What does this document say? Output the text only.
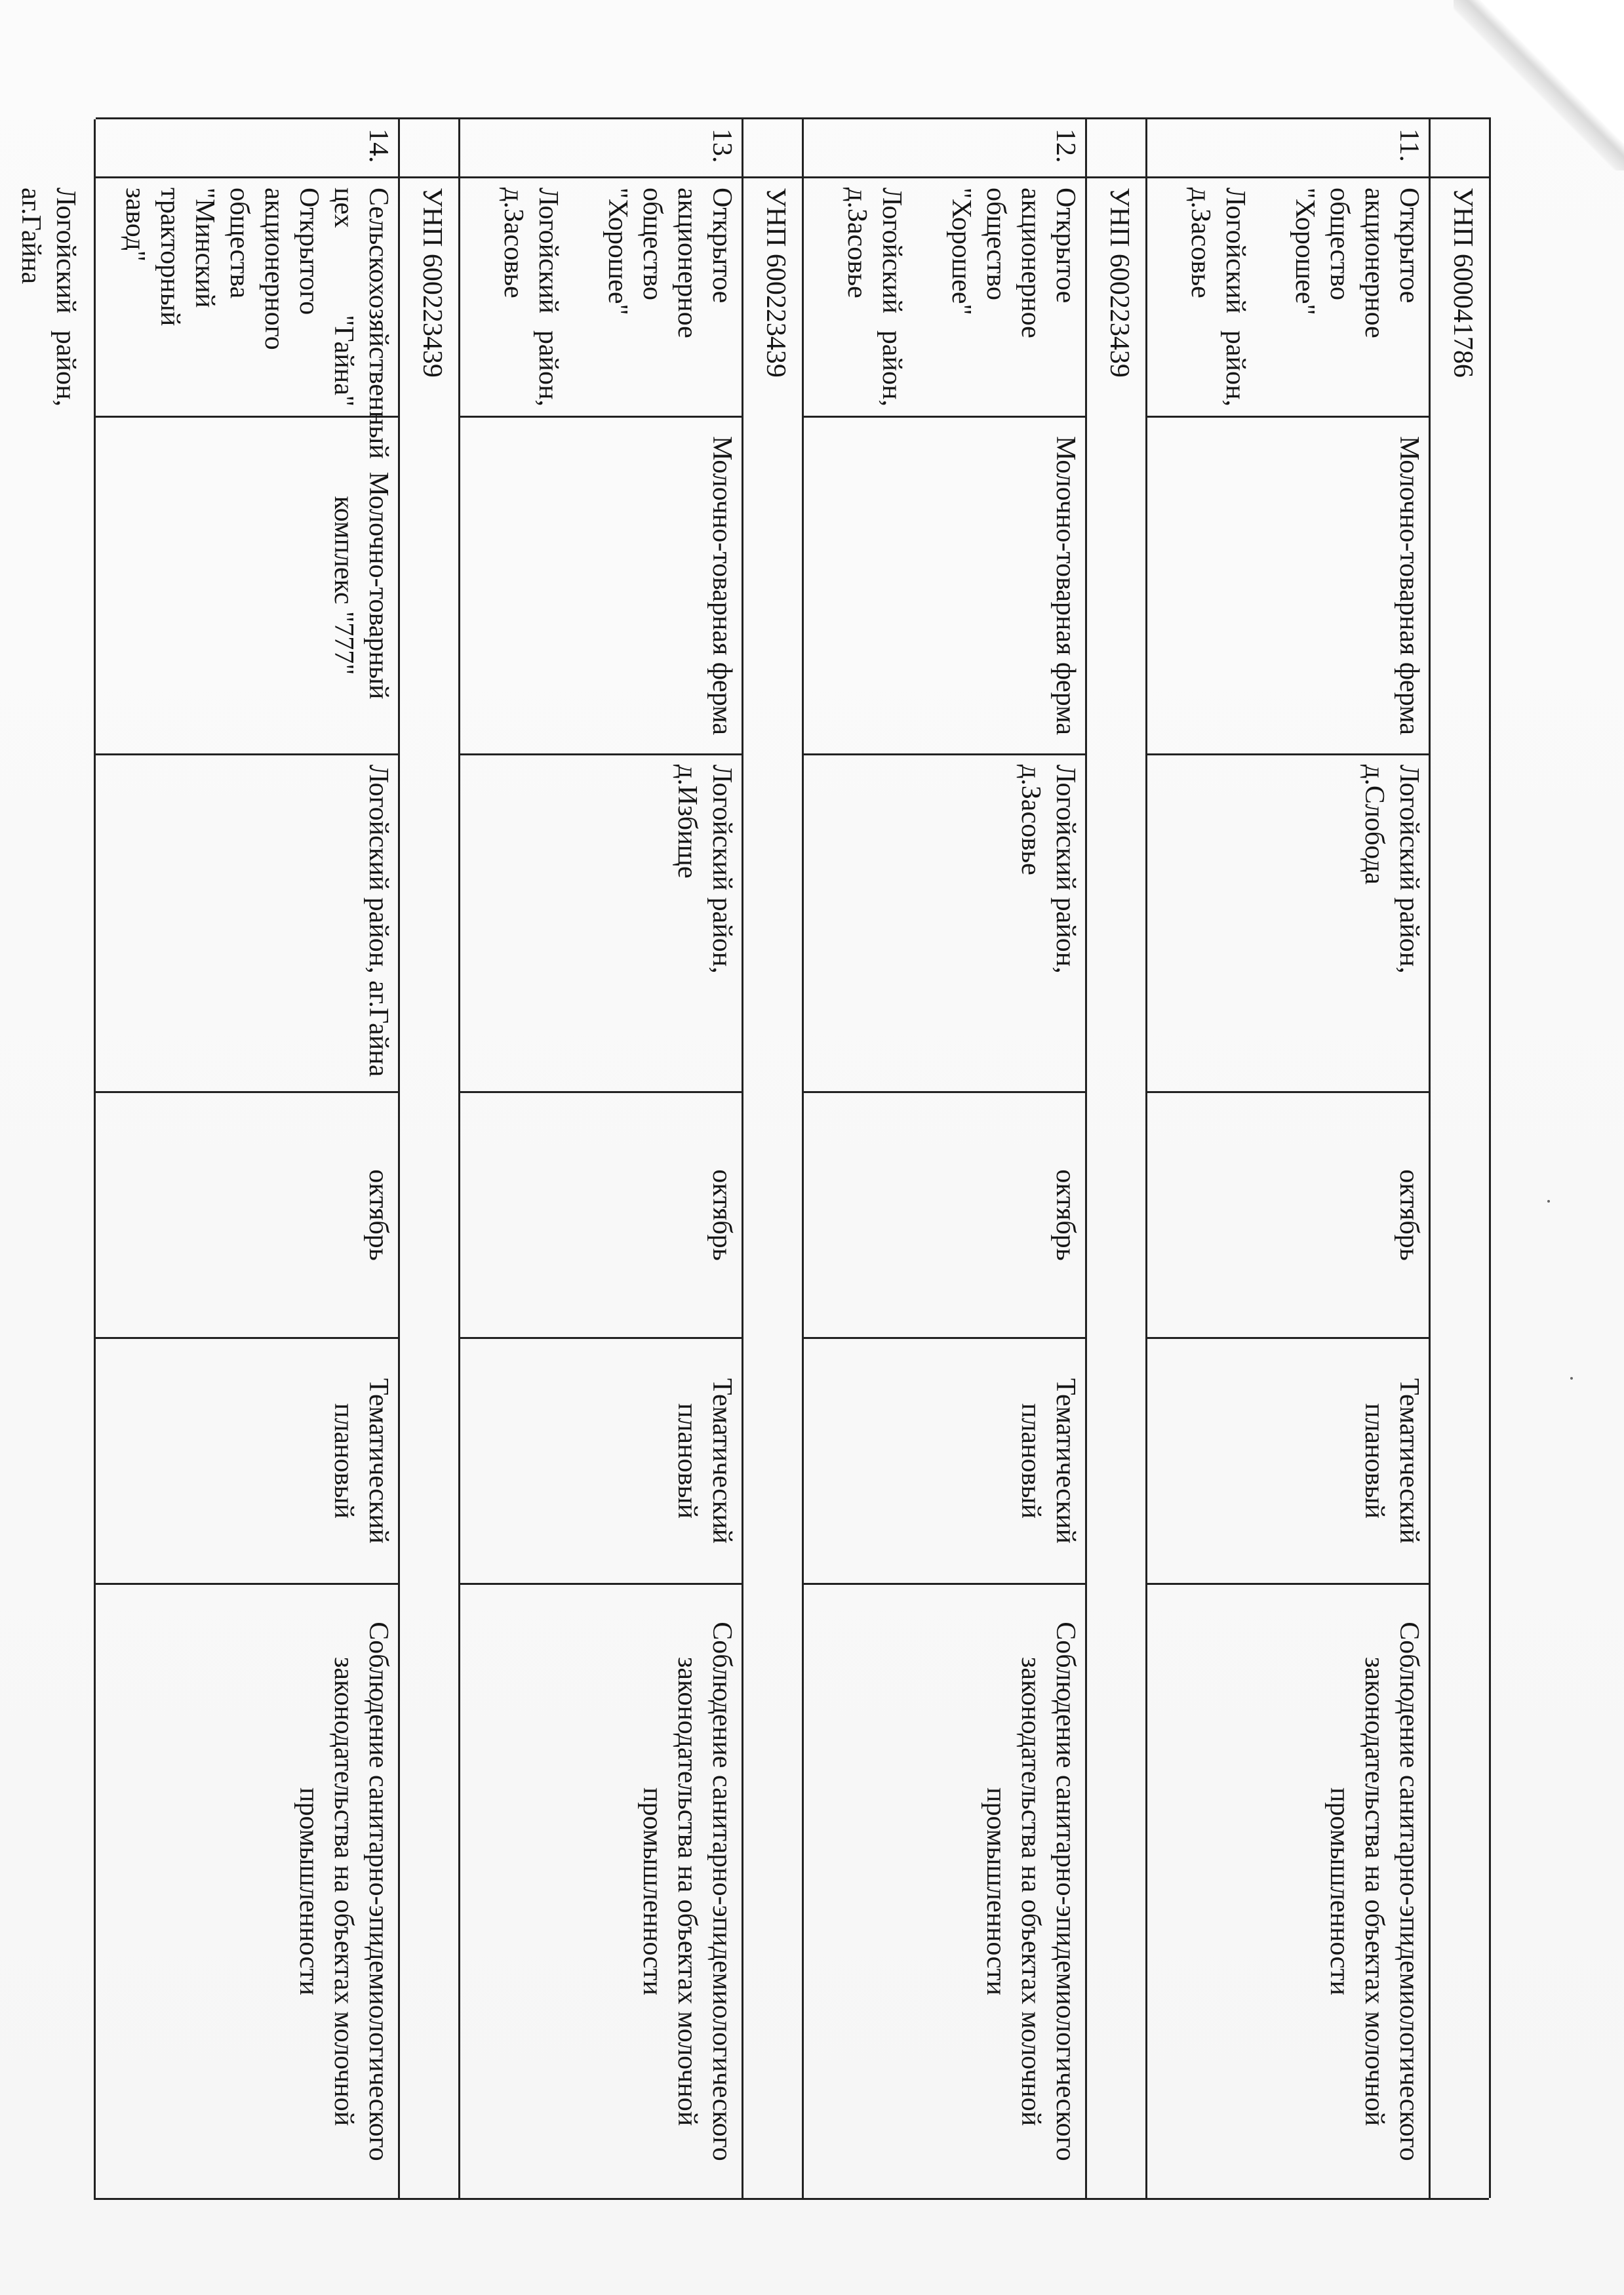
УНП 600041786
11.
Открытое акционерное общество "Хорошее"
Логойский район, д.Засовье
Молочно-товарная ферма
Логойский район, д.Слобода
октябрь
Тематический плановый
Соблюдение санитарно-эпидемиологического законодательства на объектах молочной промышленности
УНП 600223439
12.
Открытое акционерное общество "Хорошее"
Логойский район, д.Засовье
Молочно-товарная ферма
Логойский район, д.Засовье
октябрь
Тематический плановый
Соблюдение санитарно-эпидемиологического законодательства на объектах молочной промышленности
УНП 600223439
13.
Открытое акционерное общество "Хорошее"
Логойский район, д.Засовье
Молочно-товарная ферма
Логойский район, д.Избище
октябрь
Тематический плановый
Соблюдение санитарно-эпидемиологического законодательства на объектах молочной промышленности
УНП 600223439
14.
Сельскохозяйственный цех "Гайна" Открытого акционерного общества "Минский тракторный завод"
Логойский район, аг.Гайна
Молочно-товарный комплекс "777"
Логойский район, аг.Гайна
октябрь
Тематический плановый
Соблюдение санитарно-эпидемиологического законодательства на объектах молочной промышленности
